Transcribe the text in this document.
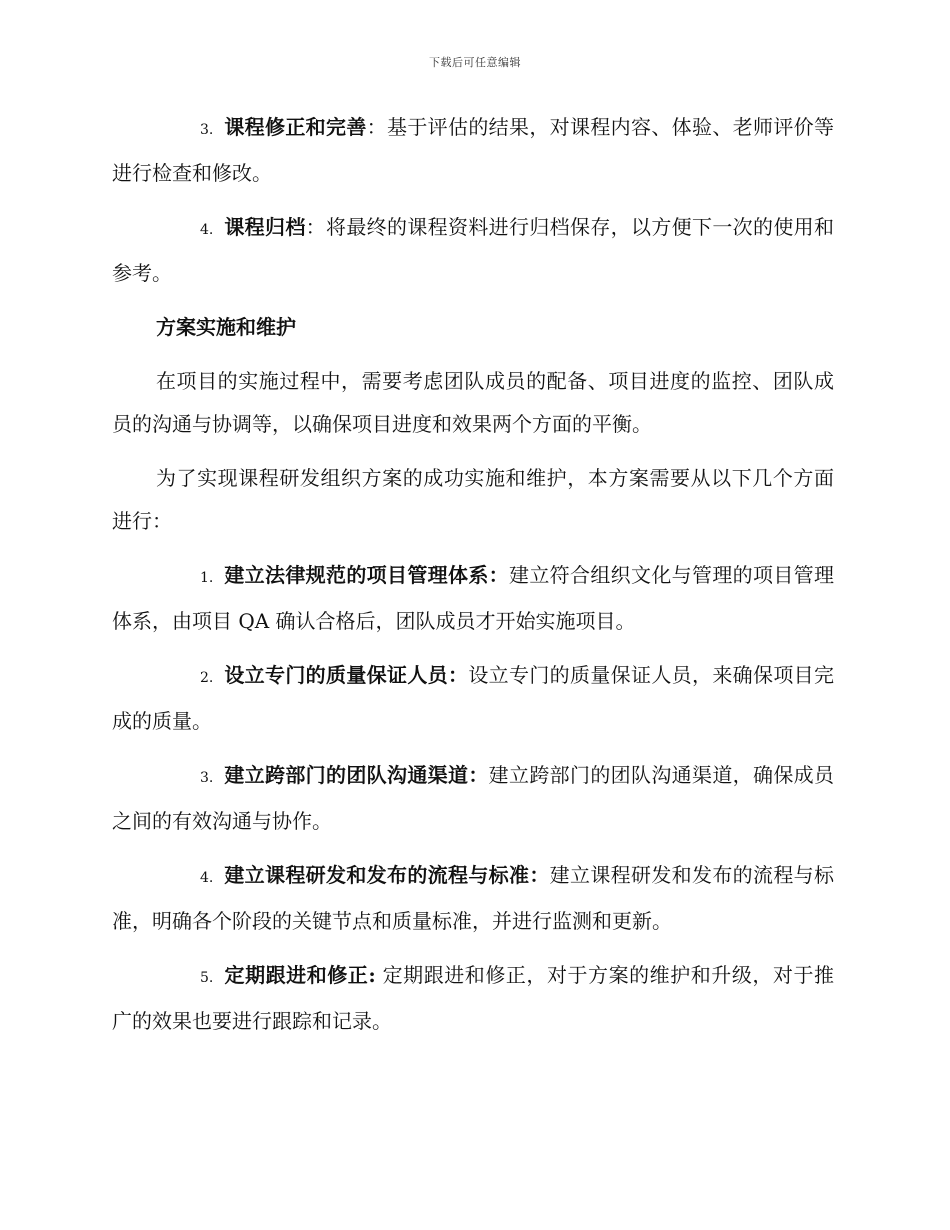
下载后可任意编辑

3. 课程修正和完善：基于评估的结果，对课程内容、体验、老师评价等进行检查和修改。

4. 课程归档：将最终的课程资料进行归档保存，以方便下一次的使用和参考。

方案实施和维护

在项目的实施过程中，需要考虑团队成员的配备、项目进度的监控、团队成员的沟通与协调等，以确保项目进度和效果两个方面的平衡。

为了实现课程研发组织方案的成功实施和维护，本方案需要从以下几个方面进行：

1. 建立法律规范的项目管理体系：建立符合组织文化与管理的项目管理体系，由项目 QA 确认合格后，团队成员才开始实施项目。

2. 设立专门的质量保证人员：设立专门的质量保证人员，来确保项目完成的质量。

3. 建立跨部门的团队沟通渠道：建立跨部门的团队沟通渠道，确保成员之间的有效沟通与协作。

4. 建立课程研发和发布的流程与标准：建立课程研发和发布的流程与标准，明确各个阶段的关键节点和质量标准，并进行监测和更新。

5. 定期跟进和修正: 定期跟进和修正，对于方案的维护和升级，对于推广的效果也要进行跟踪和记录。
